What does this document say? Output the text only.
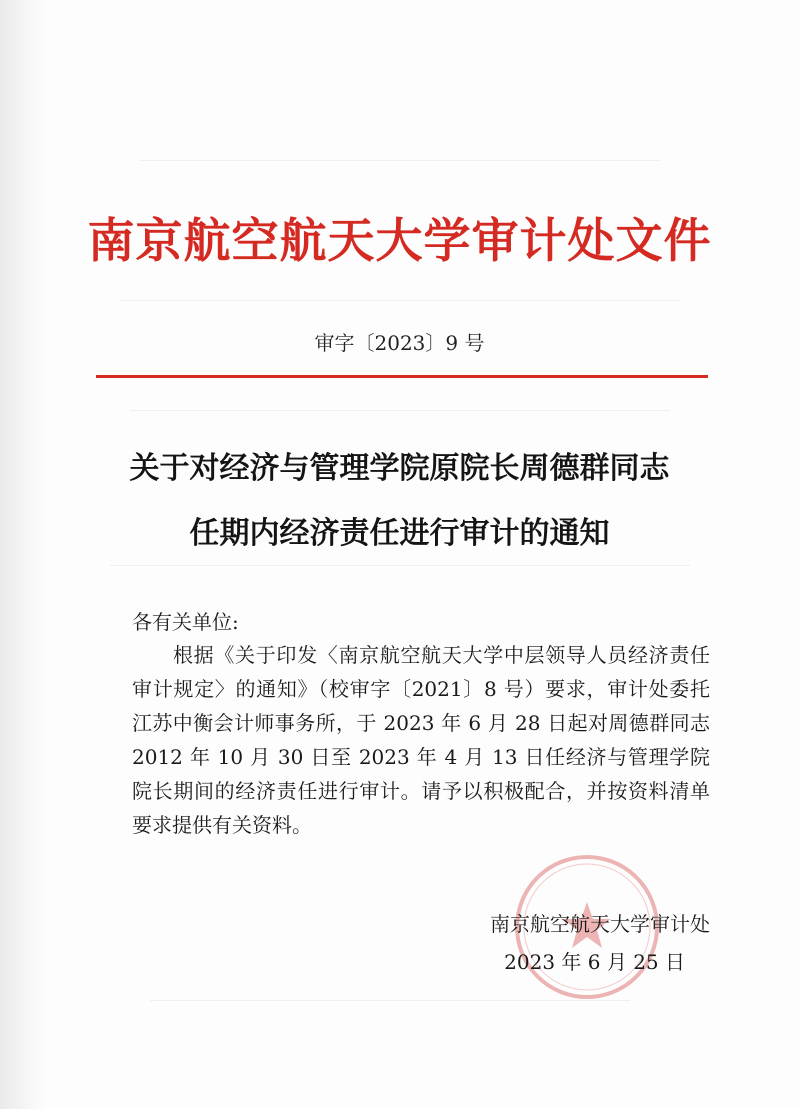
南京航空航天大学审计处文件
审字〔2023〕9 号
关于对经济与管理学院原院长周德群同志
任期内经济责任进行审计的通知
各有关单位:

根据《关于印发〈南京航空航天大学中层领导人员经济责任审计规定〉的通知》（校审字〔2021〕8 号）要求，审计处委托江苏中衡会计师事务所，于 2023 年 6 月 28 日起对周德群同志 2012 年 10 月 30 日至 2023 年 4 月 13 日任经济与管理学院院长期间的经济责任进行审计。请予以积极配合，并按资料清单要求提供有关资料。

南京航空航天大学审计处
2023 年 6 月 25 日
